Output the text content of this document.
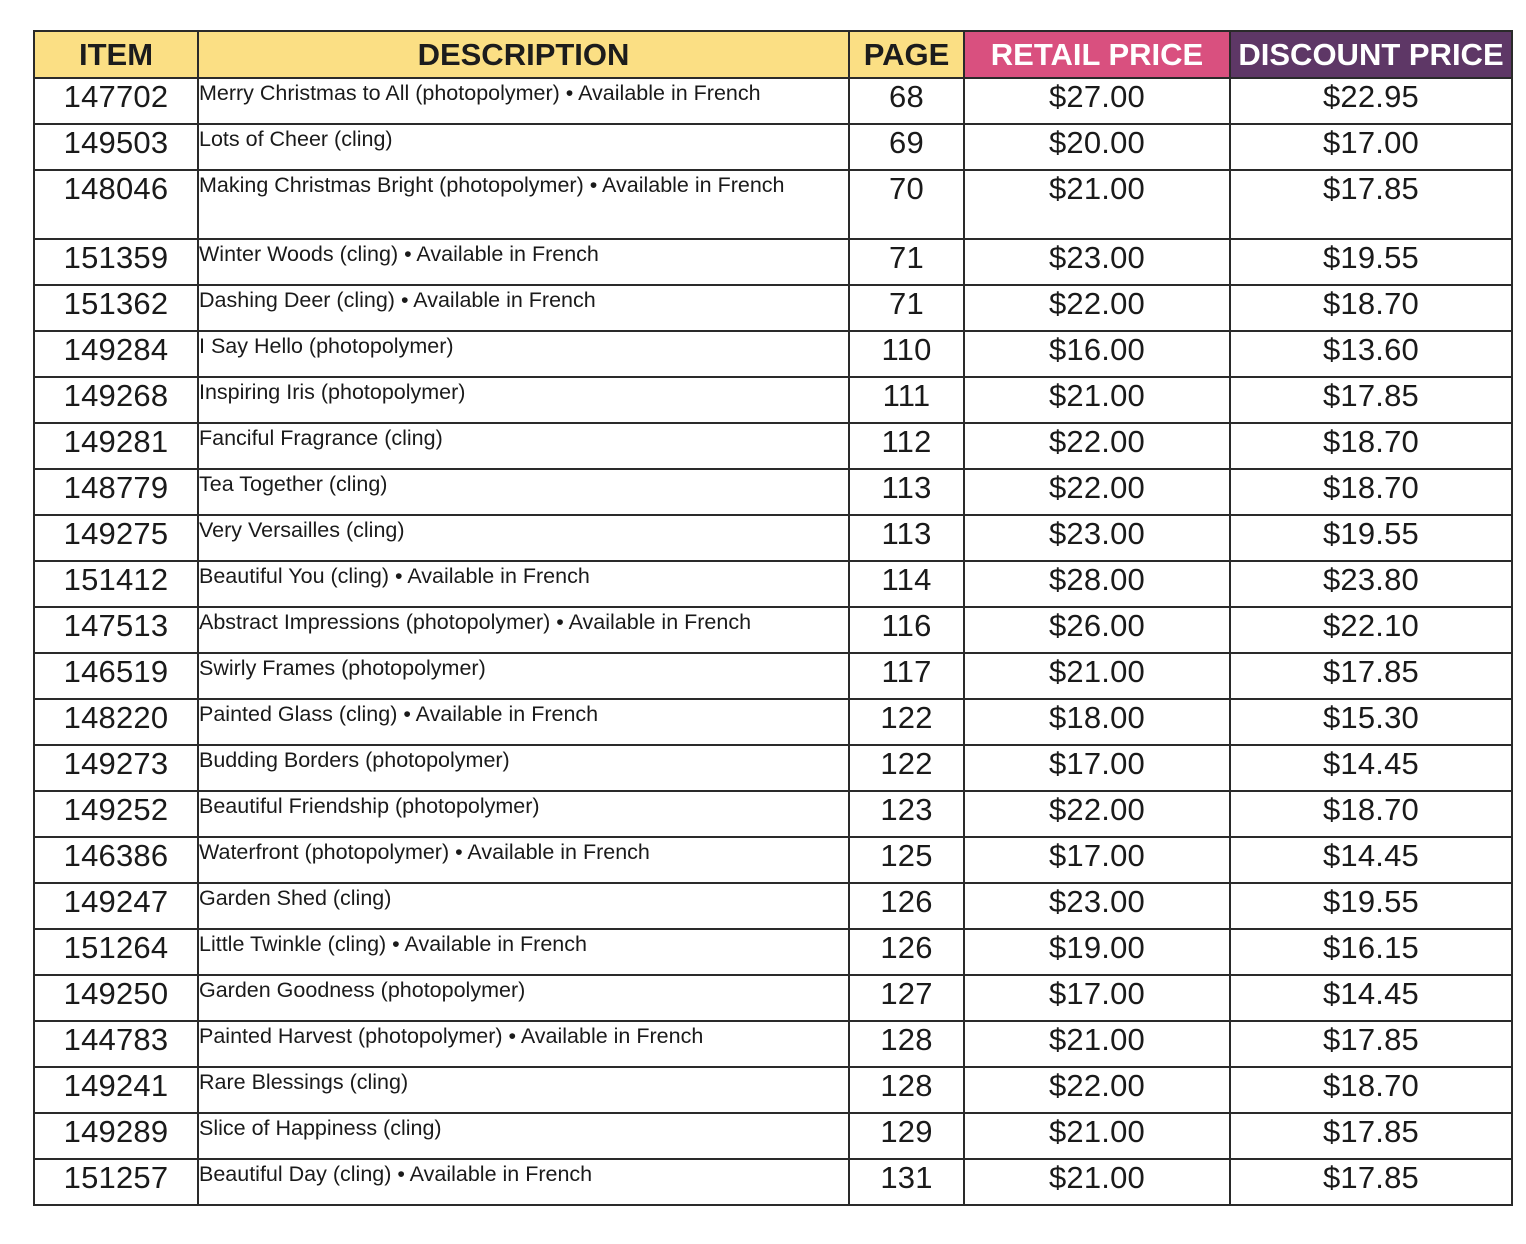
ITEM	DESCRIPTION	PAGE	RETAIL PRICE	DISCOUNT PRICE
147702	Merry Christmas to All (photopolymer) • Available in French	68	$27.00	$22.95
149503	Lots of Cheer (cling)	69	$20.00	$17.00
148046	Making Christmas Bright (photopolymer) • Available in French	70	$21.00	$17.85
151359	Winter Woods (cling) • Available in French	71	$23.00	$19.55
151362	Dashing Deer (cling) • Available in French	71	$22.00	$18.70
149284	I Say Hello (photopolymer)	110	$16.00	$13.60
149268	Inspiring Iris (photopolymer)	111	$21.00	$17.85
149281	Fanciful Fragrance (cling)	112	$22.00	$18.70
148779	Tea Together (cling)	113	$22.00	$18.70
149275	Very Versailles (cling)	113	$23.00	$19.55
151412	Beautiful You (cling) • Available in French	114	$28.00	$23.80
147513	Abstract Impressions (photopolymer) • Available in French	116	$26.00	$22.10
146519	Swirly Frames (photopolymer)	117	$21.00	$17.85
148220	Painted Glass (cling) • Available in French	122	$18.00	$15.30
149273	Budding Borders (photopolymer)	122	$17.00	$14.45
149252	Beautiful Friendship (photopolymer)	123	$22.00	$18.70
146386	Waterfront (photopolymer) • Available in French	125	$17.00	$14.45
149247	Garden Shed (cling)	126	$23.00	$19.55
151264	Little Twinkle (cling) • Available in French	126	$19.00	$16.15
149250	Garden Goodness (photopolymer)	127	$17.00	$14.45
144783	Painted Harvest (photopolymer) • Available in French	128	$21.00	$17.85
149241	Rare Blessings (cling)	128	$22.00	$18.70
149289	Slice of Happiness (cling)	129	$21.00	$17.85
151257	Beautiful Day (cling) • Available in French	131	$21.00	$17.85
